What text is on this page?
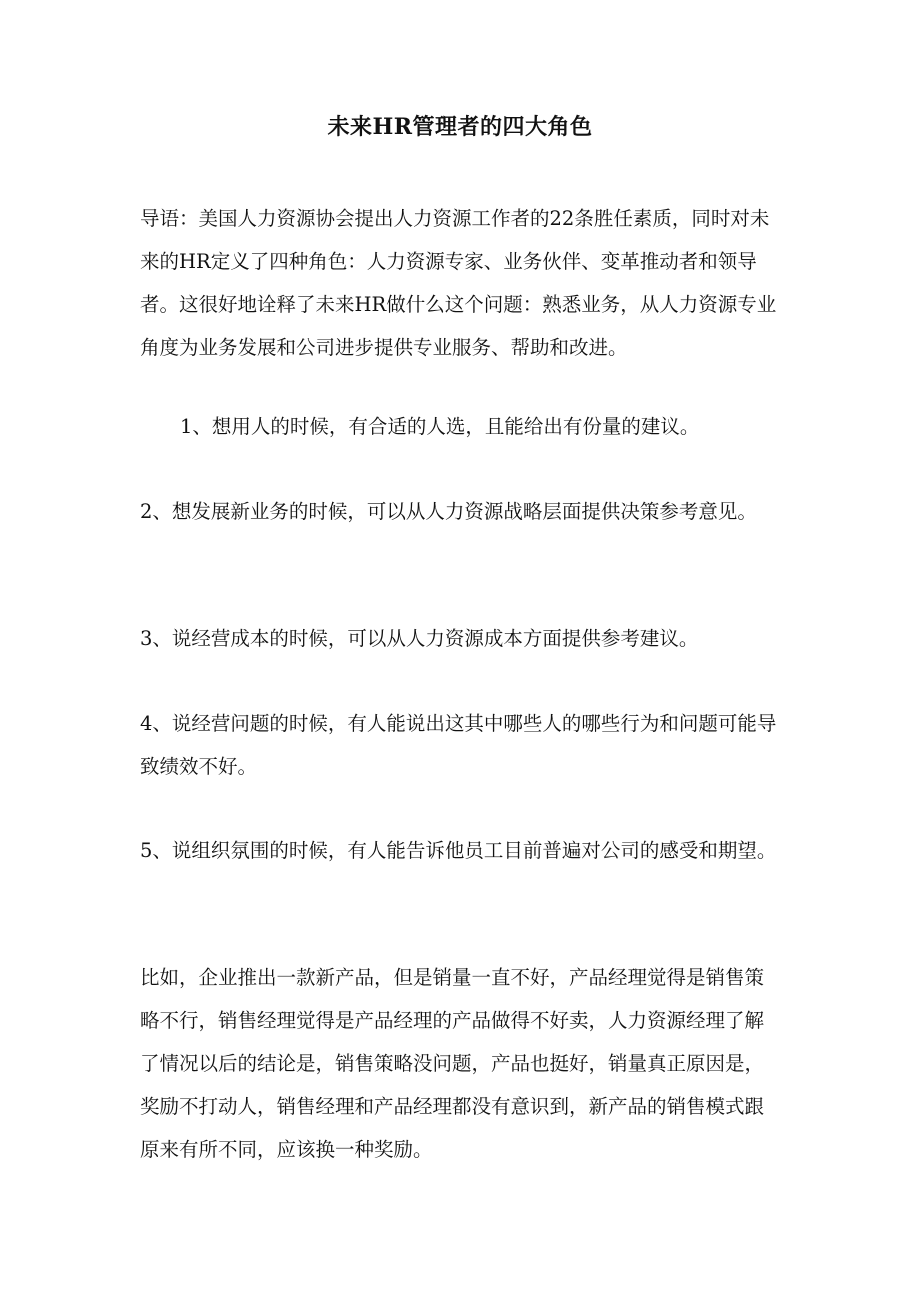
未来HR管理者的四大角色

导语：美国人力资源协会提出人力资源工作者的22条胜任素质，同时对未来的HR定义了四种角色：人力资源专家、业务伙伴、变革推动者和领导者。这很好地诠释了未来HR做什么这个问题：熟悉业务，从人力资源专业角度为业务发展和公司进步提供专业服务、帮助和改进。

1、想用人的时候，有合适的人选，且能给出有份量的建议。

2、想发展新业务的时候，可以从人力资源战略层面提供决策参考意见。

3、说经营成本的时候，可以从人力资源成本方面提供参考建议。

4、说经营问题的时候，有人能说出这其中哪些人的哪些行为和问题可能导致绩效不好。

5、说组织氛围的时候，有人能告诉他员工目前普遍对公司的感受和期望。

比如，企业推出一款新产品，但是销量一直不好，产品经理觉得是销售策略不行，销售经理觉得是产品经理的产品做得不好卖，人力资源经理了解了情况以后的结论是，销售策略没问题，产品也挺好，销量真正原因是，奖励不打动人，销售经理和产品经理都没有意识到，新产品的销售模式跟原来有所不同，应该换一种奖励。
